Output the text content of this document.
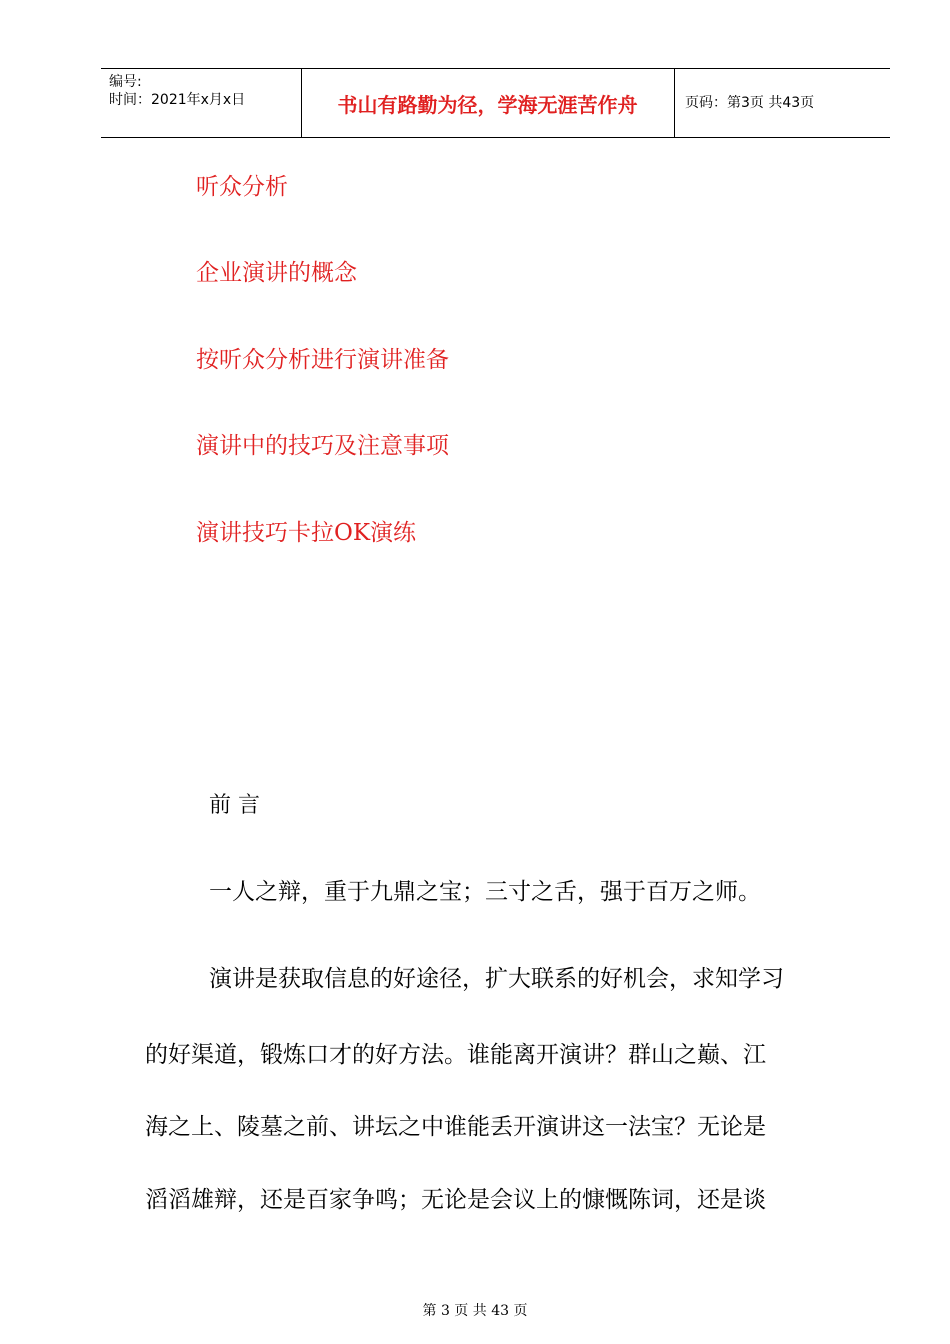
编号:
时间：2021年x月x日	书山有路勤为径，学海无涯苦作舟	页码：第3页 共43页
听众分析
企业演讲的概念
按听众分析进行演讲准备
演讲中的技巧及注意事项
演讲技巧卡拉OK演练
前 言
一人之辩，重于九鼎之宝；三寸之舌，强于百万之师。
演讲是获取信息的好途径，扩大联系的好机会，求知学习
的好渠道，锻炼口才的好方法。谁能离开演讲？群山之巅、江
海之上、陵墓之前、讲坛之中谁能丢开演讲这一法宝？无论是
滔滔雄辩，还是百家争鸣；无论是会议上的慷慨陈词，还是谈
第 3 页 共 43 页
